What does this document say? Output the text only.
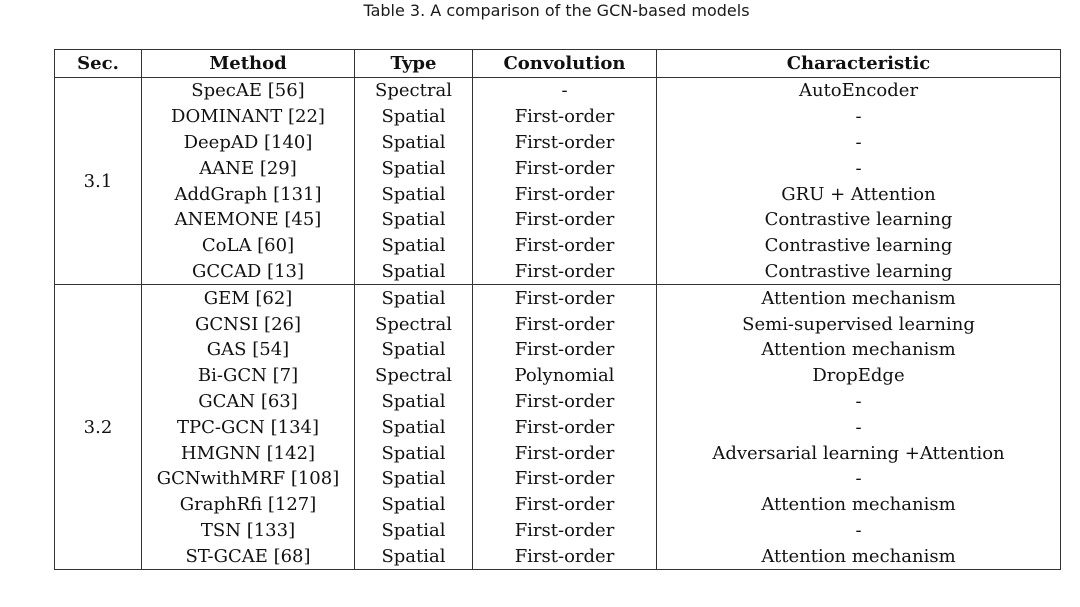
Table 3. A comparison of the GCN-based models
Sec.	Method	Type	Convolution	Characteristic
3.1	SpecAE [56]	Spectral	-	AutoEncoder
	DOMINANT [22]	Spatial	First-order	-
	DeepAD [140]	Spatial	First-order	-
	AANE [29]	Spatial	First-order	-
	AddGraph [131]	Spatial	First-order	GRU + Attention
	ANEMONE [45]	Spatial	First-order	Contrastive learning
	CoLA [60]	Spatial	First-order	Contrastive learning
	GCCAD [13]	Spatial	First-order	Contrastive learning
3.2	GEM [62]	Spatial	First-order	Attention mechanism
	GCNSI [26]	Spectral	First-order	Semi-supervised learning
	GAS [54]	Spatial	First-order	Attention mechanism
	Bi-GCN [7]	Spectral	Polynomial	DropEdge
	GCAN [63]	Spatial	First-order	-
	TPC-GCN [134]	Spatial	First-order	-
	HMGNN [142]	Spatial	First-order	Adversarial learning +Attention
	GCNwithMRF [108]	Spatial	First-order	-
	GraphRfi [127]	Spatial	First-order	Attention mechanism
	TSN [133]	Spatial	First-order	-
	ST-GCAE [68]	Spatial	First-order	Attention mechanism
